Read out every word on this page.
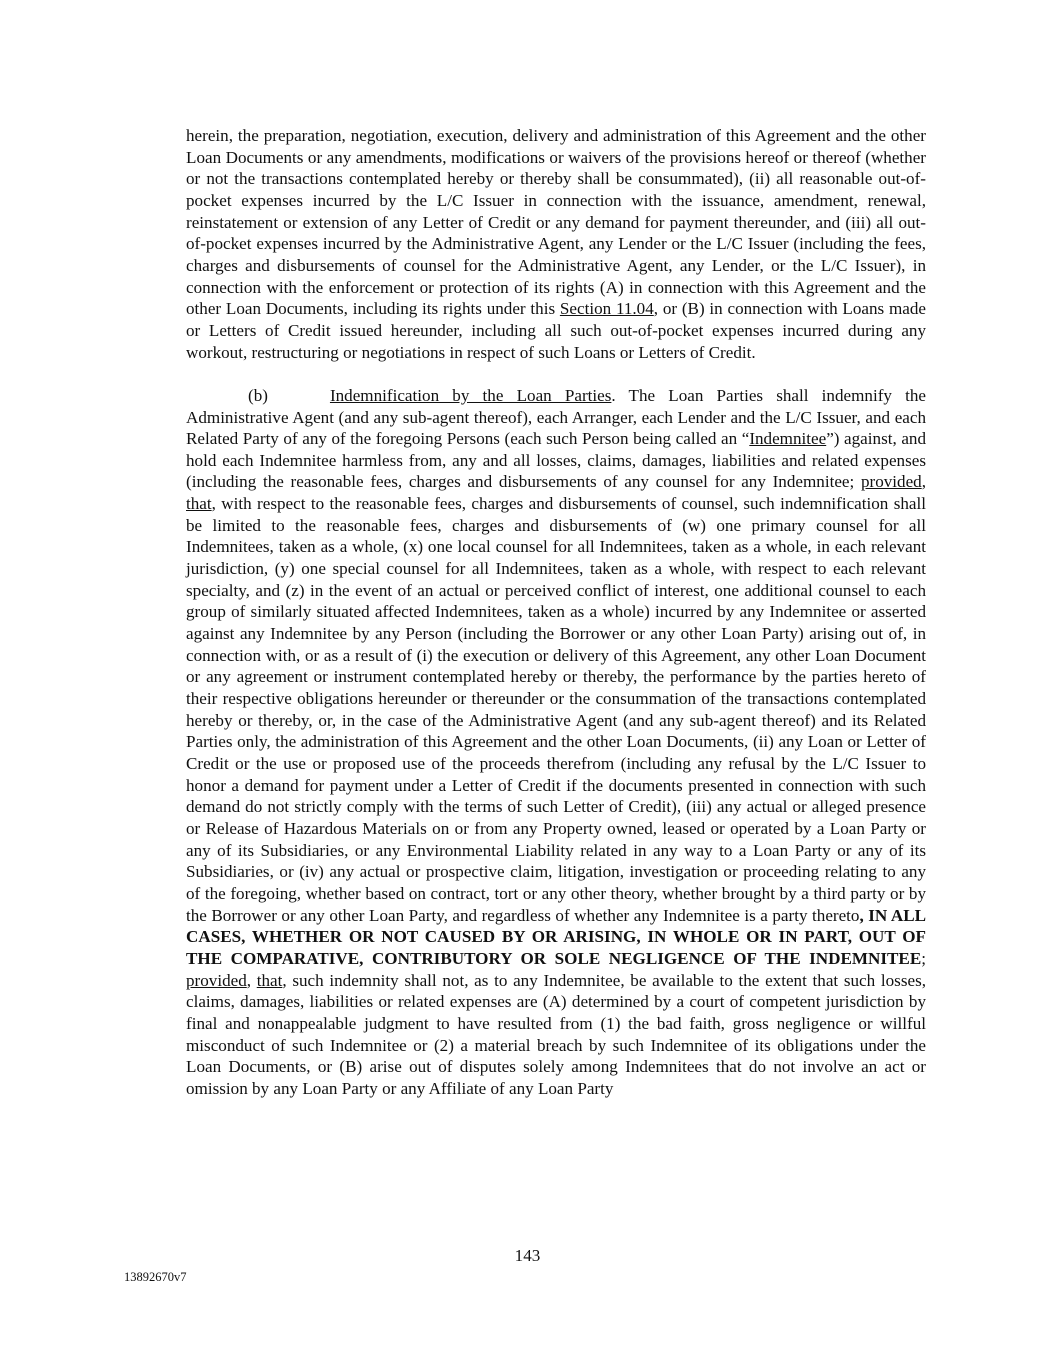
herein, the preparation, negotiation, execution, delivery and administration of this Agreement and the other Loan Documents or any amendments, modifications or waivers of the provisions hereof or thereof (whether or not the transactions contemplated hereby or thereby shall be consummated), (ii) all reasonable out-of-pocket expenses incurred by the L/C Issuer in connection with the issuance, amendment, renewal, reinstatement or extension of any Letter of Credit or any demand for payment thereunder, and (iii) all out-of-pocket expenses incurred by the Administrative Agent, any Lender or the L/C Issuer (including the fees, charges and disbursements of counsel for the Administrative Agent, any Lender, or the L/C Issuer), in connection with the enforcement or protection of its rights (A) in connection with this Agreement and the other Loan Documents, including its rights under this Section 11.04, or (B) in connection with Loans made or Letters of Credit issued hereunder, including all such out-of-pocket expenses incurred during any workout, restructuring or negotiations in respect of such Loans or Letters of Credit.

(b)	Indemnification by the Loan Parties. The Loan Parties shall indemnify the Administrative Agent (and any sub-agent thereof), each Arranger, each Lender and the L/C Issuer, and each Related Party of any of the foregoing Persons (each such Person being called an “Indemnitee”) against, and hold each Indemnitee harmless from, any and all losses, claims, damages, liabilities and related expenses (including the reasonable fees, charges and disbursements of any counsel for any Indemnitee; provided, that, with respect to the reasonable fees, charges and disbursements of counsel, such indemnification shall be limited to the reasonable fees, charges and disbursements of (w) one primary counsel for all Indemnitees, taken as a whole, (x) one local counsel for all Indemnitees, taken as a whole, in each relevant jurisdiction, (y) one special counsel for all Indemnitees, taken as a whole, with respect to each relevant specialty, and (z) in the event of an actual or perceived conflict of interest, one additional counsel to each group of similarly situated affected Indemnitees, taken as a whole) incurred by any Indemnitee or asserted against any Indemnitee by any Person (including the Borrower or any other Loan Party) arising out of, in connection with, or as a result of (i) the execution or delivery of this Agreement, any other Loan Document or any agreement or instrument contemplated hereby or thereby, the performance by the parties hereto of their respective obligations hereunder or thereunder or the consummation of the transactions contemplated hereby or thereby, or, in the case of the Administrative Agent (and any sub-agent thereof) and its Related Parties only, the administration of this Agreement and the other Loan Documents, (ii) any Loan or Letter of Credit or the use or proposed use of the proceeds therefrom (including any refusal by the L/C Issuer to honor a demand for payment under a Letter of Credit if the documents presented in connection with such demand do not strictly comply with the terms of such Letter of Credit), (iii) any actual or alleged presence or Release of Hazardous Materials on or from any Property owned, leased or operated by a Loan Party or any of its Subsidiaries, or any Environmental Liability related in any way to a Loan Party or any of its Subsidiaries, or (iv) any actual or prospective claim, litigation, investigation or proceeding relating to any of the foregoing, whether based on contract, tort or any other theory, whether brought by a third party or by the Borrower or any other Loan Party, and regardless of whether any Indemnitee is a party thereto, IN ALL CASES, WHETHER OR NOT CAUSED BY OR ARISING, IN WHOLE OR IN PART, OUT OF THE COMPARATIVE, CONTRIBUTORY OR SOLE NEGLIGENCE OF THE INDEMNITEE; provided, that, such indemnity shall not, as to any Indemnitee, be available to the extent that such losses, claims, damages, liabilities or related expenses are (A) determined by a court of competent jurisdiction by final and nonappealable judgment to have resulted from (1) the bad faith, gross negligence or willful misconduct of such Indemnitee or (2) a material breach by such Indemnitee of its obligations under the Loan Documents, or (B) arise out of disputes solely among Indemnitees that do not involve an act or omission by any Loan Party or any Affiliate of any Loan Party

143
13892670v7
